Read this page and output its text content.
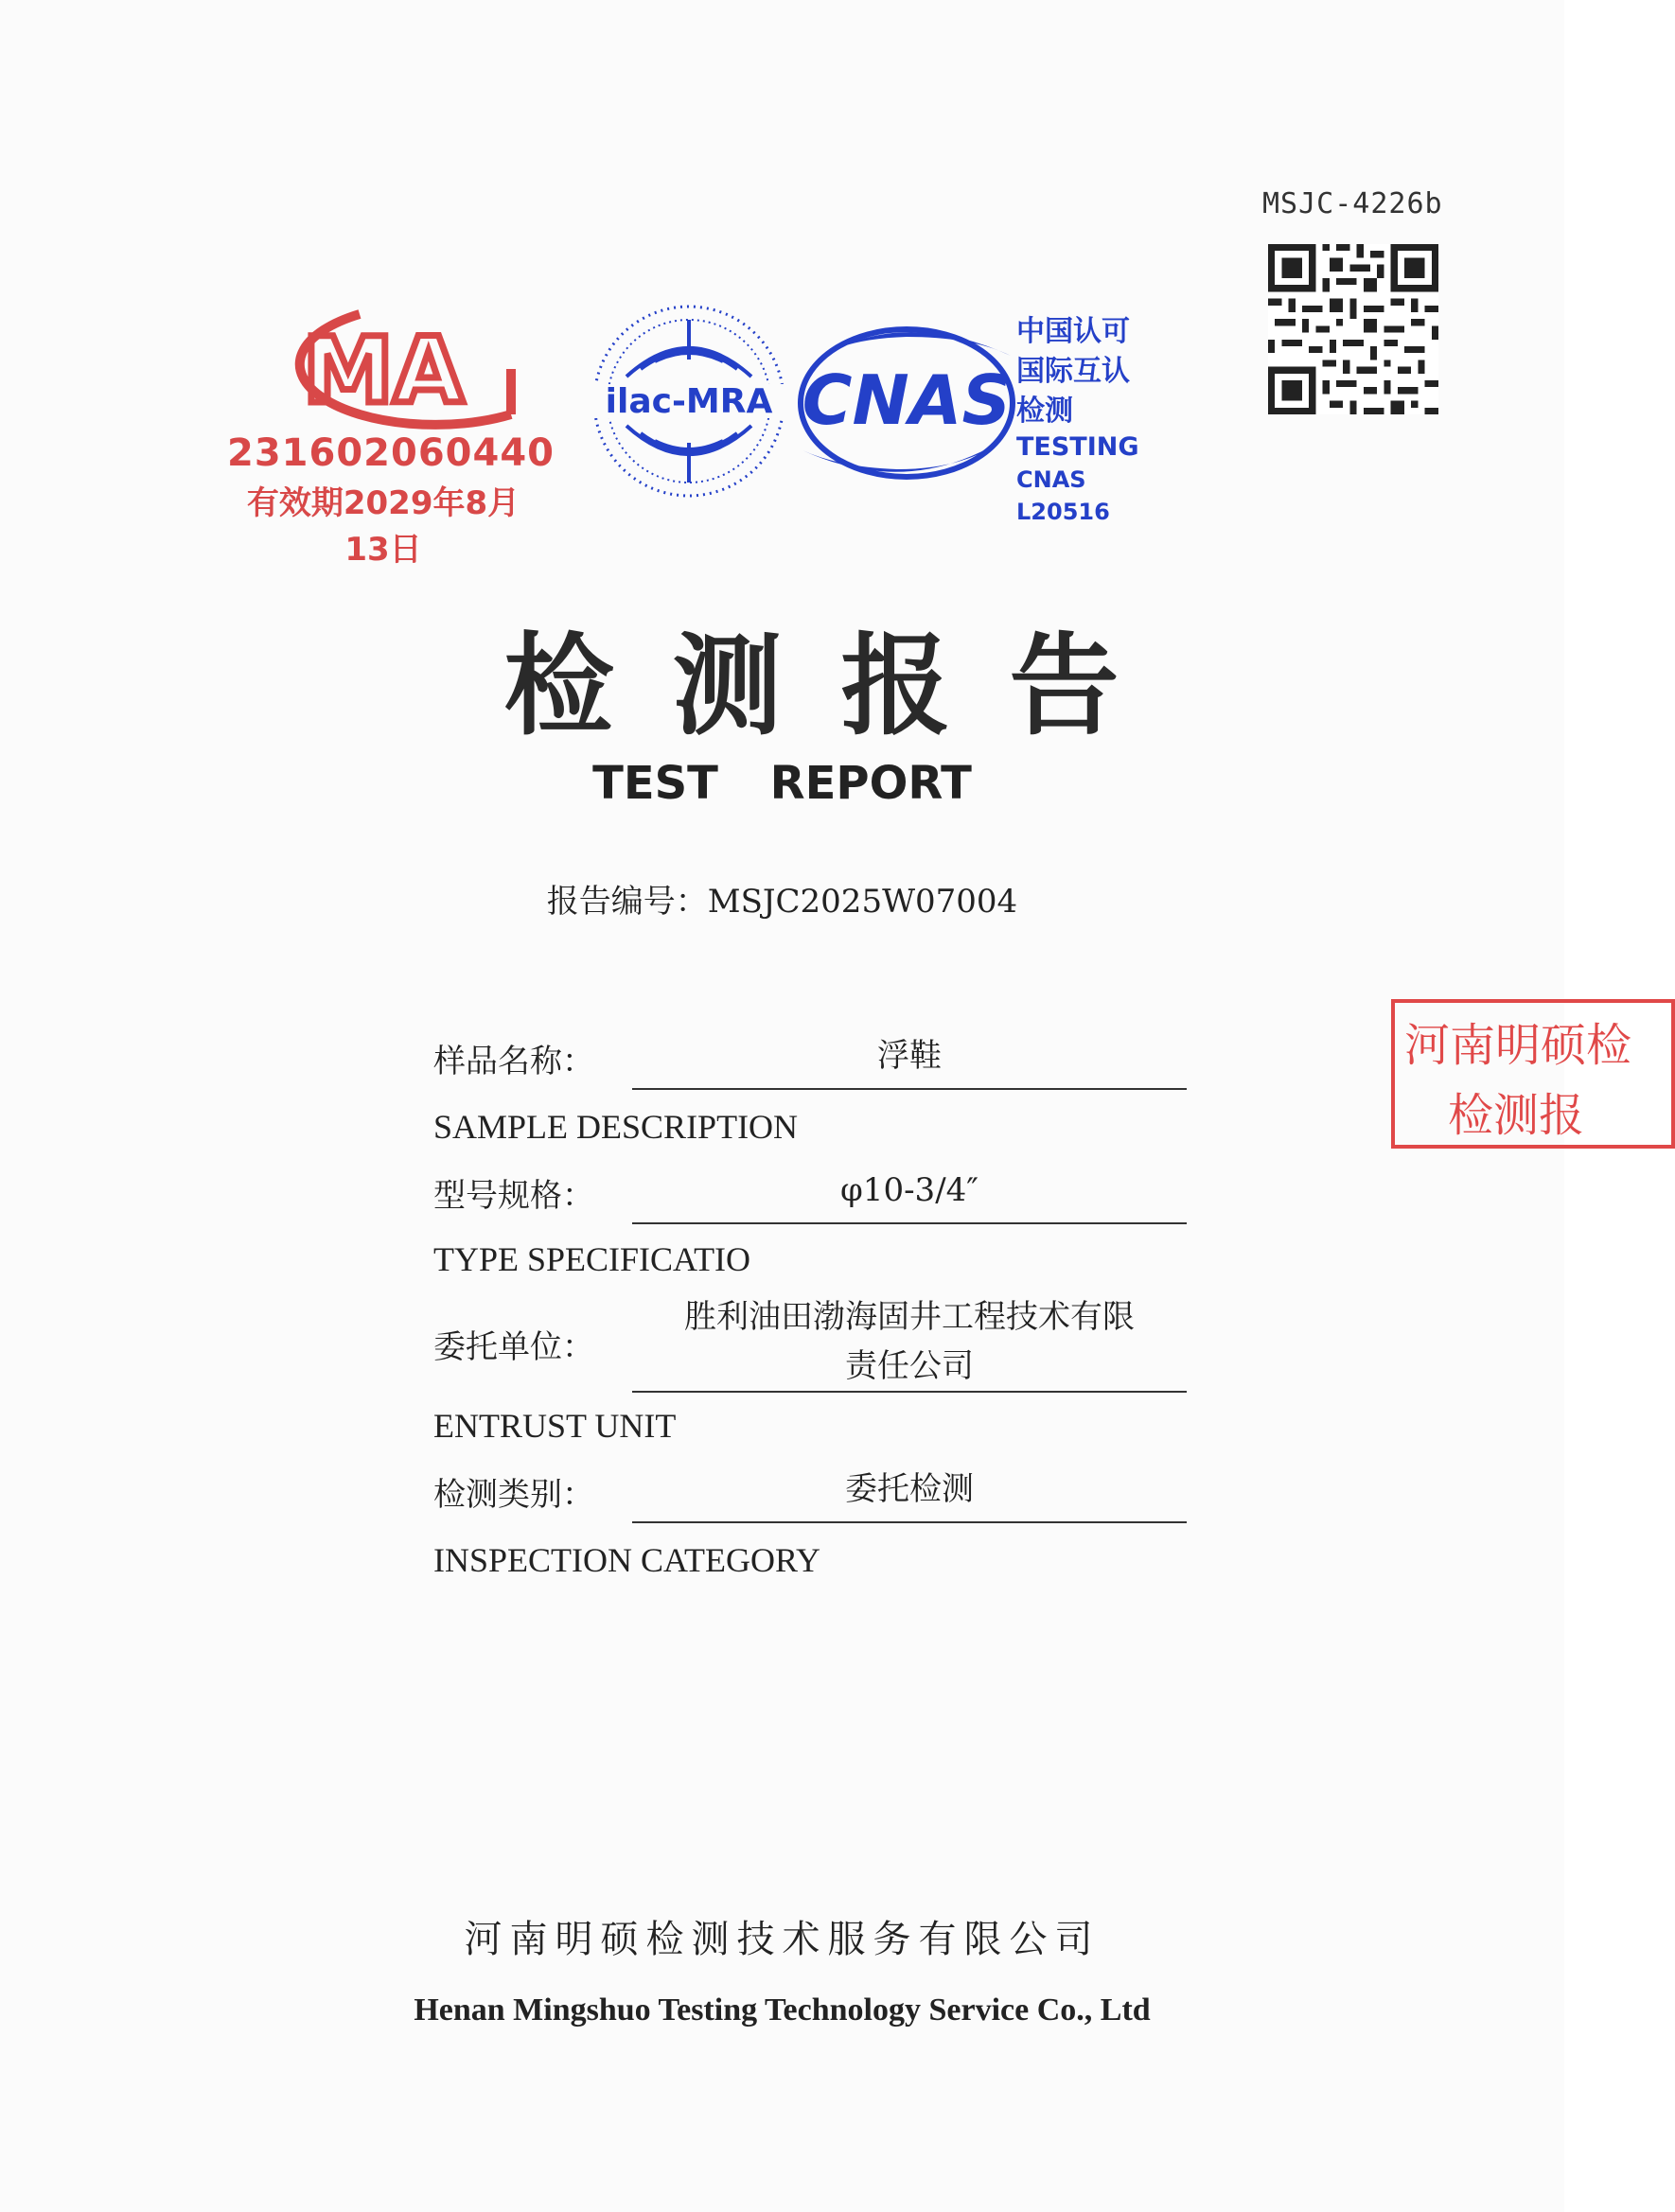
MSJC-4226b
MA
231602060440
有效期2029年8月13日
ilac-MRA CNAS
中国认可
国际互认
检测
TESTING
CNAS L20516
检测报告
TEST REPORT
报告编号：MSJC2025W07004
样品名称：	浮鞋
SAMPLE DESCRIPTION
型号规格：	φ10-3/4″
TYPE SPECIFICATIO
委托单位：
胜利油田渤海固井工程技术有限
责任公司
ENTRUST UNIT
检测类别：	委托检测
INSPECTION CATEGORY
河南明硕检
检测报
河南明硕检测技术服务有限公司
Henan Mingshuo Testing Technology Service Co., Ltd
